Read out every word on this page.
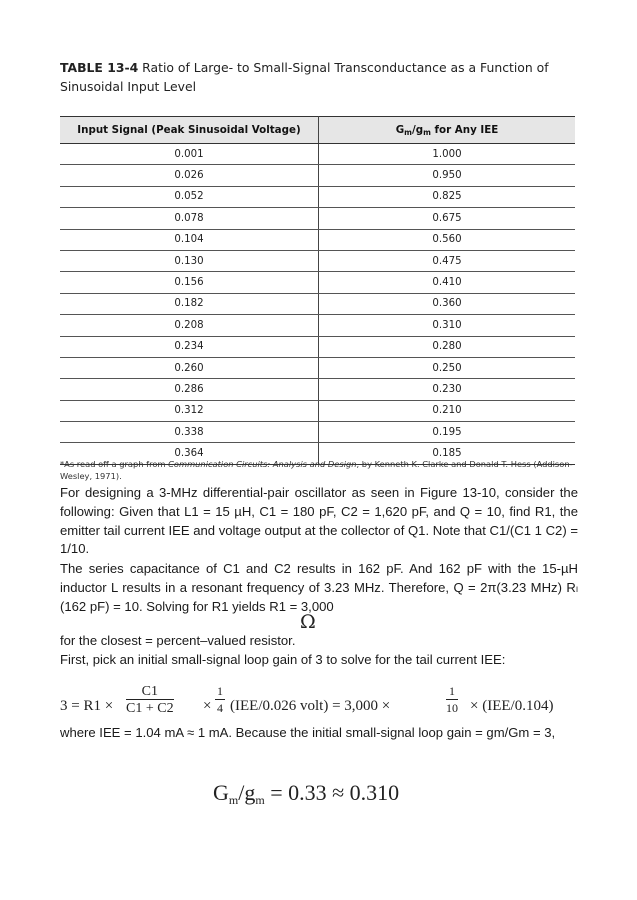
TABLE 13-4 Ratio of Large- to Small-Signal Transconductance as a Function of Sinusoidal Input Level
Input Signal (Peak Sinusoidal Voltage)	$G_m/g_m$ for Any IEE
0.001	1.000
0.026	0.950
0.052	0.825
0.078	0.675
0.104	0.560
0.130	0.475
0.156	0.410
0.182	0.360
0.208	0.310
0.234	0.280
0.260	0.250
0.286	0.230
0.312	0.210
0.338	0.195
0.364	0.185
*As read off a graph from Communication Circuits: Analysis and Design, by Kenneth K. Clarke and Donald T. Hess (Addison-Wesley, 1971).
For designing a 3-MHz differential-pair oscillator as seen in Figure 13-10, consider the following: Given that L1 = 15 µH, C1 = 180 pF, C2 = 1,620 pF, and Q = 10, find R1, the emitter tail current IEE and voltage output at the collector of Q1. Note that C1/(C1 1 C2) = 1/10.
The series capacitance of C1 and C2 results in 162 pF. And 162 pF with the 15-µH inductor L results in a resonant frequency of 3.23 MHz. Therefore, Q = 2π(3.23 MHz) Rₗ (162 pF) = 10. Solving for R1 yields R1 = 3,000
Ω
for the closest = percent–valued resistor.
First, pick an initial small-signal loop gain of 3 to solve for the tail current IEE:
$3 = R1 \times \frac{C1}{C1 + C2} \times \frac{1}{4} (IEE/0.026$ volt) = 3,000 ×	$\frac{1}{10} \times (IEE/0.104)$
where IEE = 1.04 mA ≈ 1 mA. Because the initial small-signal loop gain = gm/Gm = 3,
$G_m/g_m = 0.33 \approx 0.310$
